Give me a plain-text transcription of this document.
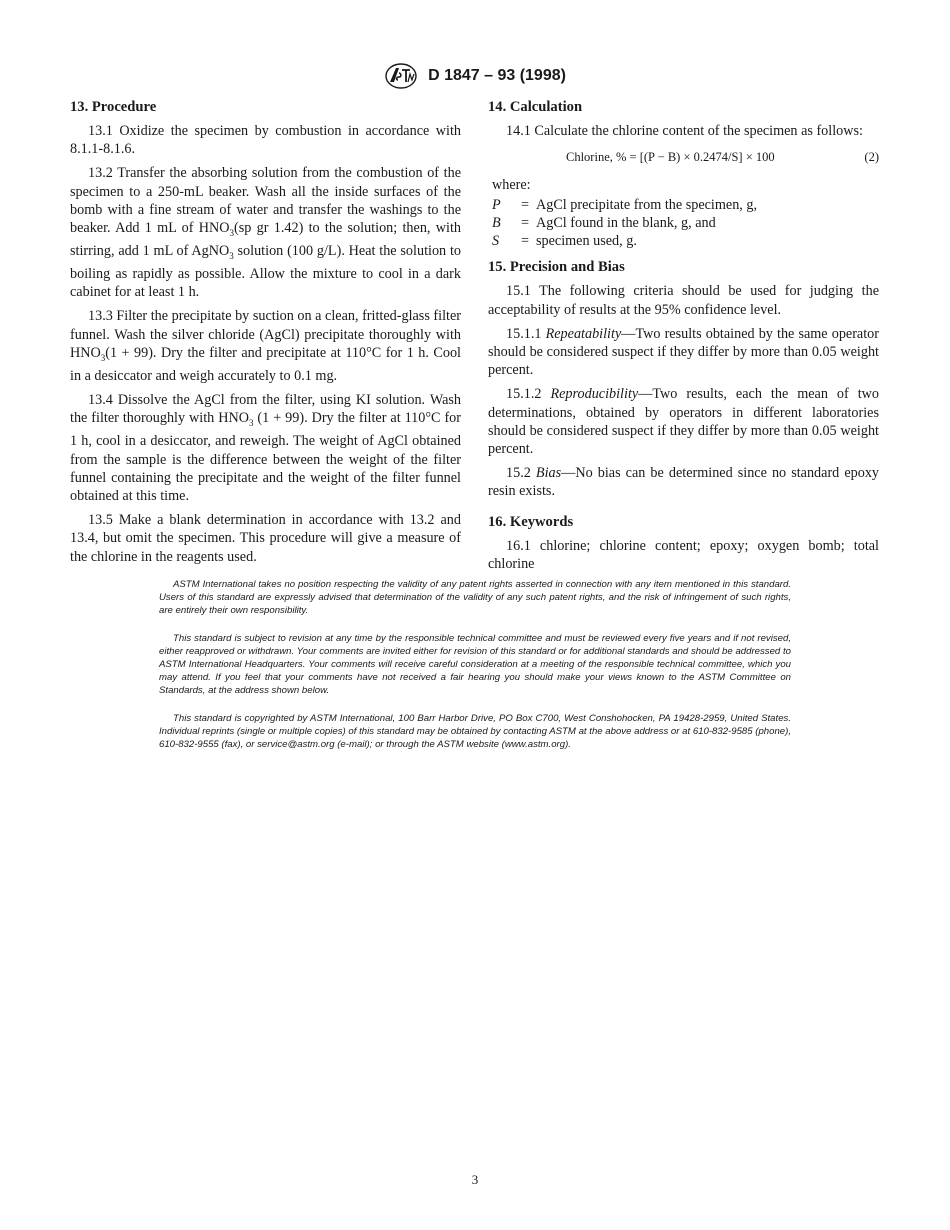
D 1847 – 93 (1998)
13. Procedure

13.1 Oxidize the specimen by combustion in accordance with 8.1.1-8.1.6.

13.2 Transfer the absorbing solution from the combustion of the specimen to a 250-mL beaker. Wash all the inside surfaces of the bomb with a fine stream of water and transfer the washings to the beaker. Add 1 mL of $HNO_3(sp$ gr 1.42) to the solution; then, with stirring, add 1 mL of AgNO$_3$ solution (100 g/L). Heat the solution to boiling as rapidly as possible. Allow the mixture to cool in a dark cabinet for at least 1 h.

13.3 Filter the precipitate by suction on a clean, fritted-glass filter funnel. Wash the silver chloride (AgCl) precipitate thoroughly with $HNO_3(1 + 99)$. Dry the filter and precipitate at 110°C for 1 h. Cool in a desiccator and weigh accurately to 0.1 mg.

13.4 Dissolve the AgCl from the filter, using KI solution. Wash the filter thoroughly with $HNO_3$ (1 + 99). Dry the filter at 110°C for 1 h, cool in a desiccator, and reweigh. The weight of AgCl obtained from the sample is the difference between the weight of the filter funnel containing the precipitate and the weight of the filter funnel obtained at this time.

13.5 Make a blank determination in accordance with 13.2 and 13.4, but omit the specimen. This procedure will give a measure of the chlorine in the reagents used.

14. Calculation

14.1 Calculate the chlorine content of the specimen as follows:

Chlorine, % = [(P − B) × 0.2474/S] × 100	(2)
where:
P	=	AgCl precipitate from the specimen, g,
B	=	AgCl found in the blank, g, and
S	=	specimen used, g.
15. Precision and Bias

15.1 The following criteria should be used for judging the acceptability of results at the 95% confidence level.

15.1.1 Repeatability—Two results obtained by the same operator should be considered suspect if they differ by more than 0.05 weight percent.

15.1.2 Reproducibility—Two results, each the mean of two determinations, obtained by operators in different laboratories should be considered suspect if they differ by more than 0.05 weight percent.

15.2 Bias—No bias can be determined since no standard epoxy resin exists.

16. Keywords

16.1 chlorine; chlorine content; epoxy; oxygen bomb; total chlorine

ASTM International takes no position respecting the validity of any patent rights asserted in connection with any item mentioned in this standard. Users of this standard are expressly advised that determination of the validity of any such patent rights, and the risk of infringement of such rights, are entirely their own responsibility.

This standard is subject to revision at any time by the responsible technical committee and must be reviewed every five years and if not revised, either reapproved or withdrawn. Your comments are invited either for revision of this standard or for additional standards and should be addressed to ASTM International Headquarters. Your comments will receive careful consideration at a meeting of the responsible technical committee, which you may attend. If you feel that your comments have not received a fair hearing you should make your views known to the ASTM Committee on Standards, at the address shown below.

This standard is copyrighted by ASTM International, 100 Barr Harbor Drive, PO Box C700, West Conshohocken, PA 19428-2959, United States. Individual reprints (single or multiple copies) of this standard may be obtained by contacting ASTM at the above address or at 610-832-9585 (phone), 610-832-9555 (fax), or service@astm.org (e-mail); or through the ASTM website (www.astm.org).

3
